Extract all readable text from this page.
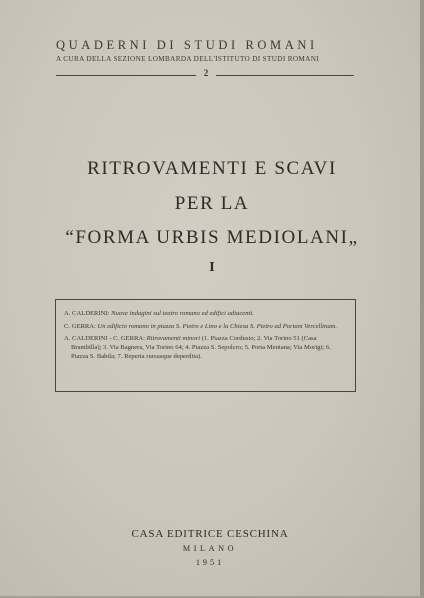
QUADERNI DI STUDI ROMANI
A CURA DELLA SEZIONE LOMBARDA DELL'ISTITUTO DI STUDI ROMANI
2
RITROVAMENTI E SCAVI
PER LA
“FORMA URBIS MEDIOLANI„
I
A. CALDERINI: Nuove indagini sul teatro romano ed edifici adiacenti.
C. GERRA: Un edificio romano in piazza S. Pietro e Lino e la Chiesa S. Pietro ad Portam Vercellinam.
A. CALDERINI - C. GERRA: Ritrovamenti minori (1. Piazza Cordusio; 2. Via Torino 51 (Casa Brambilla); 3. Via Bagnera, Via Torino 64; 4. Piazza S. Sepolcro; 5. Porta Mentana; Via Morigi; 6. Piazza S. Babila; 7. Reperta rursusque deperdita).
CASA EDITRICE CESCHINA
MILANO
1951
